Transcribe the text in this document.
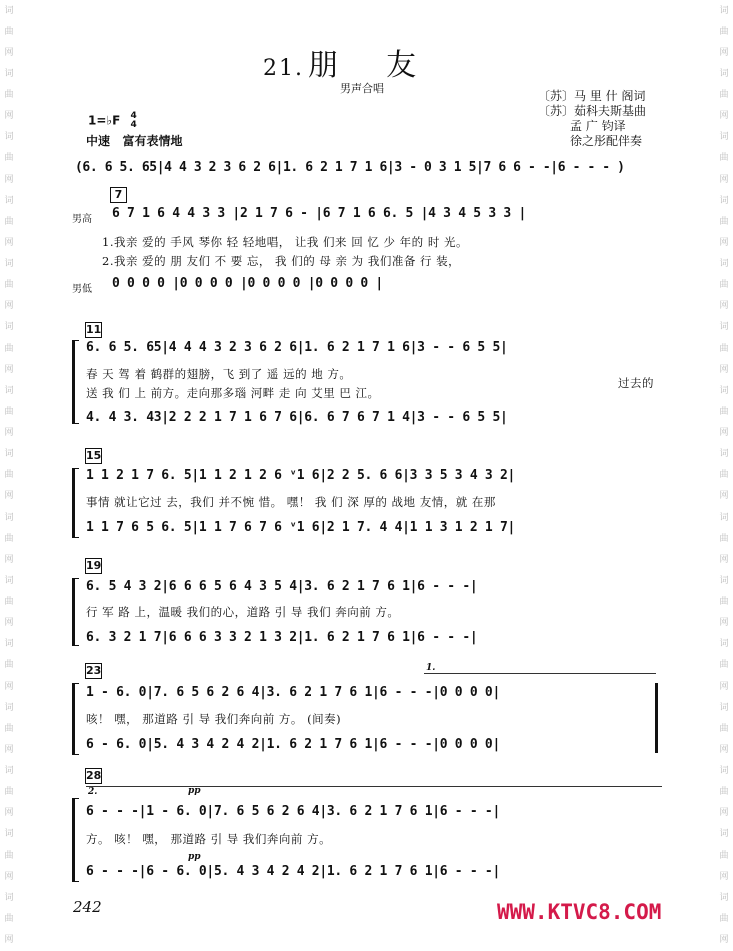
词
曲
网
词
曲
网
词
曲
网
词
曲
网
词
曲
网
词
曲
网
词
曲
网
词
曲
网
词
曲
网
词
曲
网
词
曲
网
词
曲
网
词
曲
网
词
曲
网
词
曲
网
词
曲
网
词
曲
网
词
曲
网
词
曲
网
词
曲
网
词
曲
网
词
曲
网
词
曲
网
词
曲
网
词
曲
网
词
曲
网
词
曲
网
词
曲
网
词
曲
网
词
曲
网
21. 朋    友
男声合唱
〔苏〕马 里 什 阁词
〔苏〕茹科夫斯基曲
孟 广 钧译
徐之彤配伴奏
1=♭F 4
4
中速   富有表情地
(6. 6 5. 65|4 4 3 2 3 6 2 6|1. 6 2 1 7 1 6|3 - 0 3 1 5|7 6 6 - -|6 - - - )
7
男高
男低
6 7 1 6 4 4 3 3 |2 1 7 6 - |6 7 1 6 6. 5 |4 3 4 5 3 3 |
1.我亲 爱的 手风 琴你 轻 轻地唱， 让我 们来 回 忆 少 年的 时 光。
2.我亲 爱的 朋 友们 不 要 忘， 我 们的 母 亲 为 我们准备 行 装，
0 0 0 0 |0 0 0 0 |0 0 0 0 |0 0 0 0 |
11
6. 6 5. 65|4 4 4 3 2 3 6 2 6|1. 6 2 1 7 1 6|3 - - 6 5 5|
春 天 驾 着 鹤群的翅膀，飞 到了 遥 远的 地 方。
送 我 们 上 前方。走向那多瑙 河畔 走 向 艾里 巴 江。
过去的
4. 4 3. 43|2 2 2 1 7 1 6 7 6|6. 6 7 6 7 1 4|3 - - 6 5 5|
15
1 1 2 1 7 6. 5|1 1 2 1 2 6 ᵛ1 6|2 2 5. 6 6|3 3 5 3 4 3 2|
事情 就让它过 去，我们 并不惋 惜。 嘿！ 我 们 深 厚的 战地 友情，就 在那
1 1 7 6 5 6. 5|1 1 7 6 7 6 ᵛ1 6|2 1 7. 4 4|1 1 3 1 2 1 7|
19
6. 5 4 3 2|6 6 6 5 6 4 3 5 4|3. 6 2 1 7 6 1|6 - - -|
行 军 路 上，温暖 我们的心，道路 引 导 我们 奔向前 方。
6. 3 2 1 7|6 6 6 3 3 2 1 3 2|1. 6 2 1 7 6 1|6 - - -|
23	1.
1 - 6. 0|7. 6 5 6 2 6 4|3. 6 2 1 7 6 1|6 - - -|0 0 0 0|
咳！ 嘿， 那道路 引 导 我们奔向前 方。 (间奏)
6 - 6. 0|5. 4 3 4 2 4 2|1. 6 2 1 7 6 1|6 - - -|0 0 0 0|
28
2.	pp
6 - - -|1 - 6. 0|7. 6 5 6 2 6 4|3. 6 2 1 7 6 1|6 - - -|
方。 咳！ 嘿， 那道路 引 导 我们奔向前 方。
pp
6 - - -|6 - 6. 0|5. 4 3 4 2 4 2|1. 6 2 1 7 6 1|6 - - -|
242	WWW.KTVC8.COM
